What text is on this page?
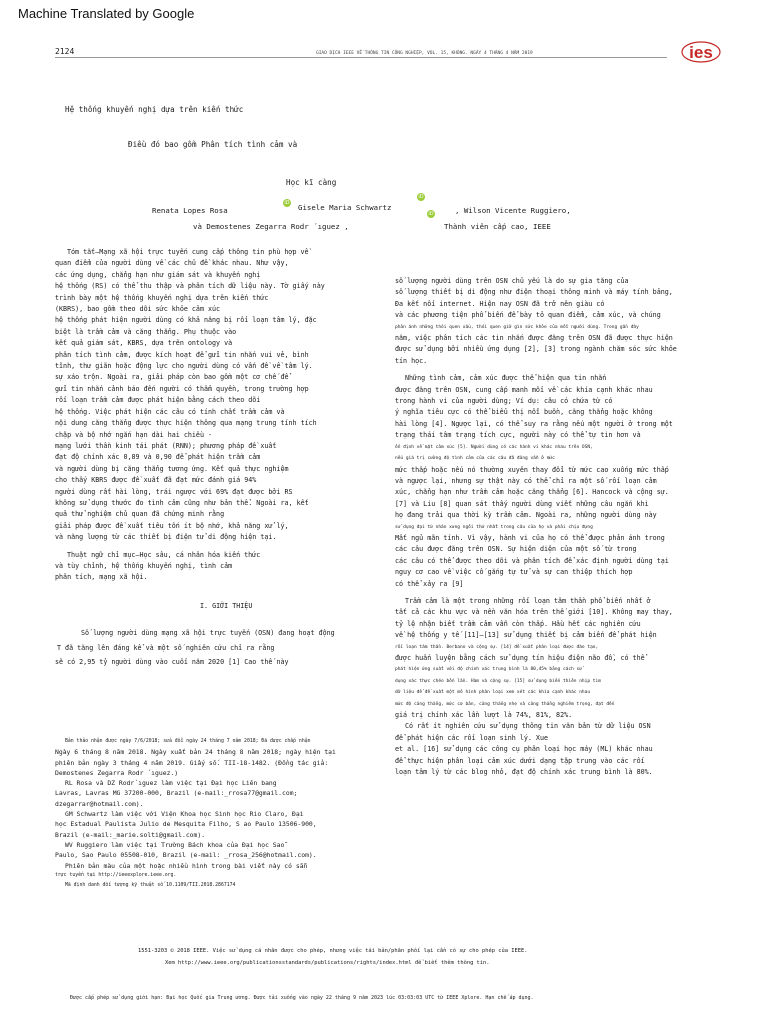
Machine Translated by Google
2124	GIAO DỊCH IEEE VỀ THÔNG TIN CÔNG NGHIỆP, VOL. 15, KHÔNG. NGÀY 4 THÁNG 4 NĂM 2019	ies
Hệ thống khuyến nghị dựa trên kiến thức
Điều đó bao gồm Phân tích tình cảm và
Học kĩ càng
Renata Lopes Rosa
iD Gisele Maria Schwartz
iD
iD	, Wilson Vicente Ruggiero,
và Demostenes Zegarra Rodr ´ıguez ,	Thành viên cấp cao, IEEE
Tóm tắt—Mạng xã hội trực tuyến cung cấp thông tin phù hợp về
quan điểm của người dùng về các chủ đề khác nhau. Như vậy,
các ứng dụng, chẳng hạn như giám sát và khuyến nghị
hệ thống (RS) có thể thu thập và phân tích dữ liệu này. Tờ giấy này
trình bày một hệ thống khuyến nghị dựa trên kiến thức
(KBRS), bao gồm theo dõi sức khỏe cảm xúc
hệ thống phát hiện người dùng có khả năng bị rối loạn tâm lý, đặc
biệt là trầm cảm và căng thẳng. Phụ thuộc vào
kết quả giám sát, KBRS, dựa trên ontology và
phân tích tình cảm, được kích hoạt để gửi tin nhắn vui vẻ, bình
tĩnh, thư giãn hoặc động lực cho người dùng có vấn đề về tâm lý.
sự xáo trộn. Ngoài ra, giải pháp còn bao gồm một cơ chế để
gửi tin nhắn cảnh báo đến người có thẩm quyền, trong trường hợp
rối loạn trầm cảm được phát hiện bằng cách theo dõi
hệ thống. Việc phát hiện các câu có tính chất trầm cảm và
nội dung căng thẳng được thực hiện thông qua mạng trung tính tích
chập và bộ nhớ ngắn hạn dài hai chiều -
mạng lưới thần kinh tái phát (RNN); phương pháp đề xuất
đạt độ chính xác 0,89 và 0,90 để phát hiện trầm cảm
và người dùng bị căng thẳng tương ứng. Kết quả thực nghiệm
cho thấy KBRS được đề xuất đã đạt mức đánh giá 94%
người dùng rất hài lòng, trái ngược với 69% đạt được bởi RS
không sử dụng thước đo tình cảm cũng như bản thể. Ngoài ra, kết
quả thử nghiệm chủ quan đã chứng minh rằng
giải pháp được đề xuất tiêu tốn ít bộ nhớ, khả năng xử lý,
và năng lượng từ các thiết bị điện tử di động hiện tại.
Thuật ngữ chỉ mục—Học sâu, cá nhân hóa kiến thức
và tùy chỉnh, hệ thống khuyến nghị, tình cảm
phân tích, mạng xã hội.
I. GIỚI THIỆU
Số lượng người dùng mạng xã hội trực tuyến (OSN) đang hoạt động
T đã tăng lên đáng kể và một số nghiên cứu chỉ ra rằng
sẽ có 2,95 tỷ người dùng vào cuối năm 2020 [1] Cao thế này
Bản thảo nhận được ngày 7/6/2018; sửa đổi ngày 24 tháng 7 năm 2018; Đã được chấp nhận
Ngày 6 tháng 8 năm 2018. Ngày xuất bản 24 tháng 8 năm 2018; ngày hiện tại
phiên bản ngày 3 tháng 4 năm 2019. Giấy số. TII-18-1482. (Đồng tác giả:
Demostenes Zegarra Rodr ´ıguez.)
RL Rosa và DZ Rodr´ıguez làm việc tại Đại học Liên bang
Lavras, Lavras MG 37200-000, Brazil (e-mail:_rrosa77@gmail.com;
dzegarrar@hotmail.com).
GM Schwartz làm việc với Viện Khoa học Sinh học Rio Claro, Đại
học Estadual Paulista Julio de Mesquita Filho, S ao Paulo 13506-900,
Brazil (e-mail:_marie.solti@gmail.com).
WV Ruggiero làm việc tại Trường Bách khoa của Đại học Sao˜
Paulo, Sao Paulo 05508-010, Brazil (e-mail: _rrosa_256@hotmail.com).
Phiên bản màu của một hoặc nhiều hình trong bài viết này có sẵn
trực tuyến tại http://ieeexplore.ieee.org.
Mã định danh đối tượng kỹ thuật số 10.1109/TII.2018.2867174
số lượng người dùng trên OSN chủ yếu là do sự gia tăng của
số lượng thiết bị di động như điện thoại thông minh và máy tính bảng,
Đa kết nối internet. Hiện nay OSN đã trở nên giàu có
và các phương tiện phổ biến để bày tỏ quan điểm, cảm xúc, và chúng
phản ánh những thói quen xấu, thói quen giữ gìn sức khỏe của mỗi người dùng. Trong gần đây
năm, việc phân tích các tin nhắn được đăng trên OSN đã được thực hiện
được sử dụng bởi nhiều ứng dụng [2], [3] trong ngành chăm sóc sức khỏe
tín học.
Những tình cảm, cảm xúc được thể hiện qua tin nhắn
được đăng trên OSN, cung cấp manh mối về các khía cạnh khác nhau
trong hành vi của người dùng; Ví dụ: câu có chứa từ có
ý nghĩa tiêu cực có thể biểu thị nỗi buồn, căng thẳng hoặc không
hài lòng [4]. Ngược lại, có thể suy ra rằng nếu một người ở trong một
trạng thái tâm trạng tích cực, người này có thể tự tin hơn và
ổn định về mặt cảm xúc [5]. Người dùng có các hành vi khác nhau trên OSN,
nếu giá trị cường độ tình cảm của các câu đã đăng vẫn ở mức
mức thấp hoặc nếu nó thường xuyên thay đổi từ mức cao xuống mức thấp
và ngược lại, nhưng sự thật này có thể chỉ ra một số rối loạn cảm
xúc, chẳng hạn như trầm cảm hoặc căng thẳng [6]. Hancock và cộng sự.
[7] và Liu [8] quan sát thấy người dùng viết những câu ngắn khi
họ đang trải qua thời kỳ trầm cảm. Ngoài ra, những người dùng này
sử dụng đại từ nhân xưng ngôi thứ nhất trong câu của họ và phải chịu đựng
Mất ngủ mãn tính. Vì vậy, hành vi của họ có thể được phản ánh trong
các câu được đăng trên OSN. Sự hiện diện của một số từ trong
các câu có thể được theo dõi và phân tích để xác định người dùng tại
nguy cơ cao về việc cố gắng tự tử và sự can thiệp thích hợp
có thể xảy ra [9]
Trầm cảm là một trong những rối loạn tâm thần phổ biến nhất ở
tất cả các khu vực và nền văn hóa trên thế giới [10]. Không may thay,
tỷ lệ nhận biết trầm cảm vẫn còn thấp. Hầu hết các nghiên cứu
về hệ thống y tế [11]–[13] sử dụng thiết bị cảm biến để phát hiện
rối loạn tâm thần. Berbano và cộng sự. [14] đề xuất phân loại được đào tạo,
được huấn luyện bằng cách sử dụng tín hiệu điện não đồ, có thể
phát hiện ứng suất với độ chính xác trung bình là 80,45% bằng cách sử
dụng xác thực chéo bốn lần. Hàm và cộng sự. [15] sử dụng biến thiên nhịp tim
dữ liệu để đề xuất một mô hình phân loại xem xét các khía cạnh khác nhau
mức độ căng thẳng, mức cơ bản, căng thẳng nhẹ và căng thẳng nghiêm trọng, đạt đến
giá trị chính xác lần lượt là 74%, 81%, 82%.
Có rất ít nghiên cứu sử dụng thông tin văn bản từ dữ liệu OSN
để phát hiện các rối loạn sinh lý. Xue
et al. [16] sử dụng các công cụ phân loại học máy (ML) khác nhau
để thực hiện phân loại cảm xúc dưới dạng tập trung vào các rối
loạn tâm lý từ các blog nhỏ, đạt độ chính xác trung bình là 80%.
1551-3203 © 2018 IEEE. Việc sử dụng cá nhân được cho phép, nhưng việc tái bản/phân phối lại cần có sự cho phép của IEEE.
Xem http://www.ieee.org/publicationsstandards/publications/rights/index.html để biết thêm thông tin.
Được cấp phép sử dụng giới hạn: Đại học Quốc gia Trung ương. Được tải xuống vào ngày 22 tháng 9 năm 2023 lúc 03:03:03 UTC từ IEEE Xplore. Hạn chế áp dụng.
